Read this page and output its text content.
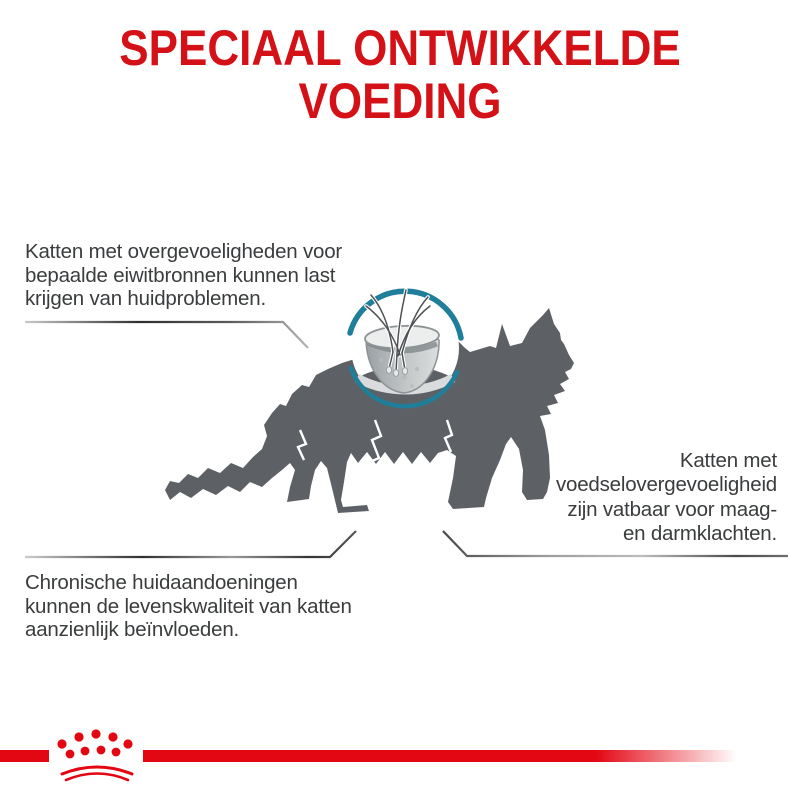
SPECIAAL ONTWIKKELDE
VOEDING
Katten met overgevoeligheden voor
bepaalde eiwitbronnen kunnen last
krijgen van huidproblemen.
Chronische huidaandoeningen
kunnen de levenskwaliteit van katten
aanzienlijk beïnvloeden.
Katten met
voedselovergevoeligheid
zijn vatbaar voor maag-
en darmklachten.
